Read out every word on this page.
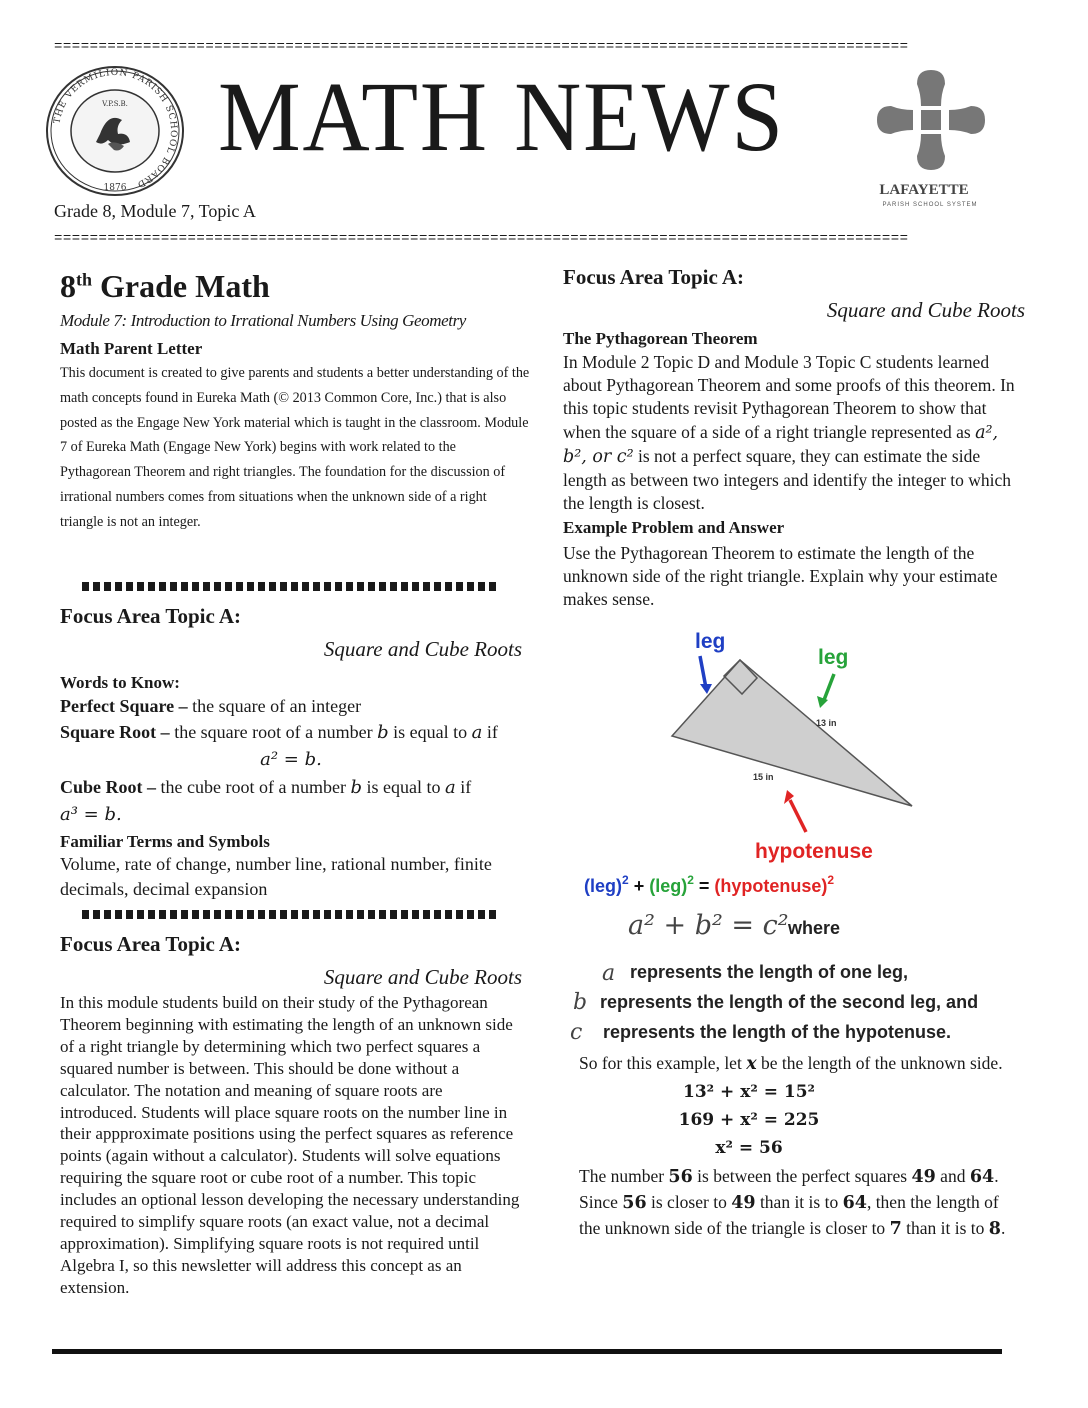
================================================================================================
================================================================================================
THE VERMILION PARISH SCHOOL BOARD
V.P.S.B.
1876
MATH NEWS
Grade 8, Module 7, Topic A
LAFAYETTE
PARISH SCHOOL SYSTEM
8th Grade Math
Module 7: Introduction to Irrational Numbers Using Geometry
Math Parent Letter
This document is created to give parents and students a better understanding of the math concepts found in Eureka Math (© 2013 Common Core, Inc.) that is also posted as the Engage New York material which is taught in the classroom. Module 7 of Eureka Math (Engage New York) begins with work related to the Pythagorean Theorem and right triangles. The foundation for the discussion of irrational numbers comes from situations when the unknown side of a right triangle is not an integer.
Focus Area Topic A:
Square and Cube Roots
Words to Know:
Perfect Square – the square of an integer
Square Root – the square root of a number b is equal to a if
a² = b.
Cube Root – the cube root of a number b is equal to a if
a³ = b.
Familiar Terms and Symbols
Volume, rate of change, number line, rational number, finite decimals, decimal expansion
Focus Area Topic A:
Square and Cube Roots
In this module students build on their study of the Pythagorean Theorem beginning with estimating the length of an unknown side of a right triangle by determining which two perfect squares a squared number is between. This should be done without a calculator. The notation and meaning of square roots are introduced. Students will place square roots on the number line in their appproximate positions using the perfect squares as reference points (again without a calculator). Students will solve equations requiring the square root or cube root of a number. This topic includes an optional lesson developing the necessary understanding required to simplify square roots (an exact value, not a decimal approximation). Simplifying square roots is not required until Algebra I, so this newsletter will address this concept as an extension.
Focus Area Topic A:
Square and Cube Roots
The Pythagorean Theorem
In Module 2 Topic D and Module 3 Topic C students learned about Pythagorean Theorem and some proofs of this theorem. In this topic students revisit Pythagorean Theorem to show that when the square of a side of a right triangle represented as a², b², or c² is not a perfect square, they can estimate the side length as between two integers and identify the integer to which the length is closest.
Example Problem and Answer
Use the Pythagorean Theorem to estimate the length of the unknown side of the right triangle. Explain why your estimate makes sense.
leg
leg
13 in
15 in
hypotenuse
(leg)$^2$ + (leg)$^2$ = (hypotenuse)$^2$
a² + b² = c² where
a represents the length of one leg,
b represents the length of the second leg, and
c represents the length of the hypotenuse.
So for this example, let x be the length of the unknown side.
13² + x² = 15²
169 + x² = 225
x² = 56
The number 56 is between the perfect squares 49 and 64. Since 56 is closer to 49 than it is to 64, then the length of the unknown side of the triangle is closer to 7 than it is to 8.
